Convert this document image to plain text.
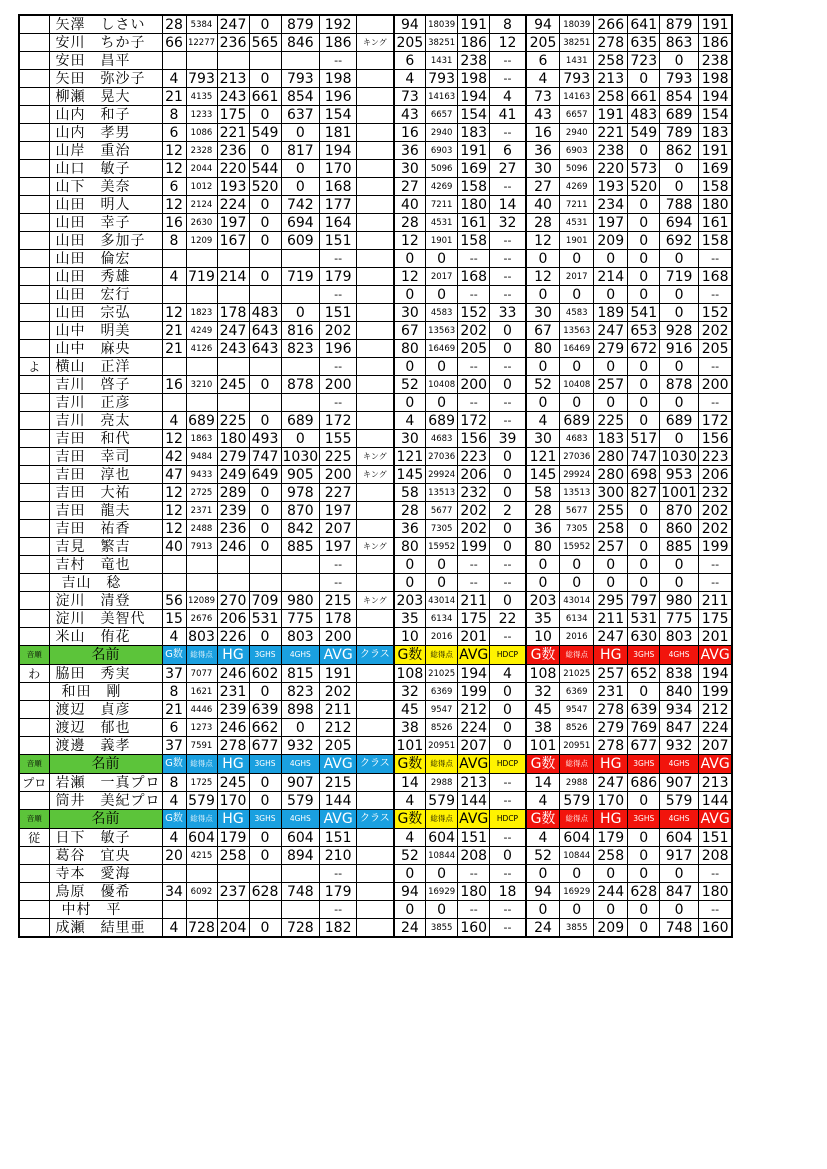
	矢澤　しさい	28	5384	247	0	879	192		94	18039	191	8	94	18039	266	641	879	191
	安川　ちか子	66	12277	236	565	846	186	キング	205	38251	186	12	205	38251	278	635	863	186
	安田　昌平						--		6	1431	238	--	6	1431	258	723	0	238
	矢田　弥沙子	4	793	213	0	793	198		4	793	198	--	4	793	213	0	793	198
	柳瀬　晃大	21	4135	243	661	854	196		73	14163	194	4	73	14163	258	661	854	194
	山内　和子	8	1233	175	0	637	154		43	6657	154	41	43	6657	191	483	689	154
	山内　孝男	6	1086	221	549	0	181		16	2940	183	--	16	2940	221	549	789	183
	山岸　重治	12	2328	236	0	817	194		36	6903	191	6	36	6903	238	0	862	191
	山口　敏子	12	2044	220	544	0	170		30	5096	169	27	30	5096	220	573	0	169
	山下　美奈	6	1012	193	520	0	168		27	4269	158	--	27	4269	193	520	0	158
	山田　明人	12	2124	224	0	742	177		40	7211	180	14	40	7211	234	0	788	180
	山田　幸子	16	2630	197	0	694	164		28	4531	161	32	28	4531	197	0	694	161
	山田　多加子	8	1209	167	0	609	151		12	1901	158	--	12	1901	209	0	692	158
	山田　倫宏						--		0	0	--	--	0	0	0	0	0	--
	山田　秀雄	4	719	214	0	719	179		12	2017	168	--	12	2017	214	0	719	168
	山田　宏行						--		0	0	--	--	0	0	0	0	0	--
	山田　宗弘	12	1823	178	483	0	151		30	4583	152	33	30	4583	189	541	0	152
	山中　明美	21	4249	247	643	816	202		67	13563	202	0	67	13563	247	653	928	202
	山中　麻央	21	4126	243	643	823	196		80	16469	205	0	80	16469	279	672	916	205
よ	横山　正洋						--		0	0	--	--	0	0	0	0	0	--
	吉川　啓子	16	3210	245	0	878	200		52	10408	200	0	52	10408	257	0	878	200
	吉川　正彦						--		0	0	--	--	0	0	0	0	0	--
	吉川　亮太	4	689	225	0	689	172		4	689	172	--	4	689	225	0	689	172
	吉田　和代	12	1863	180	493	0	155		30	4683	156	39	30	4683	183	517	0	156
	吉田　幸司	42	9484	279	747	1030	225	キング	121	27036	223	0	121	27036	280	747	1030	223
	吉田　淳也	47	9433	249	649	905	200	キング	145	29924	206	0	145	29924	280	698	953	206
	吉田　大祐	12	2725	289	0	978	227		58	13513	232	0	58	13513	300	827	1001	232
	吉田　龍夫	12	2371	239	0	870	197		28	5677	202	2	28	5677	255	0	870	202
	吉田　祐香	12	2488	236	0	842	207		36	7305	202	0	36	7305	258	0	860	202
	吉見　繁吉	40	7913	246	0	885	197	キング	80	15952	199	0	80	15952	257	0	885	199
	吉村　竜也						--		0	0	--	--	0	0	0	0	0	--
	吉山　稔						--		0	0	--	--	0	0	0	0	0	--
	淀川　清登	56	12089	270	709	980	215	キング	203	43014	211	0	203	43014	295	797	980	211
	淀川　美智代	15	2676	206	531	775	178		35	6134	175	22	35	6134	211	531	775	175
	米山　侑花	4	803	226	0	803	200		10	2016	201	--	10	2016	247	630	803	201
音順	名前	G数	総得点	HG	3GHS	4GHS	AVG	クラス	G数	総得点	AVG	HDCP	G数	総得点	HG	3GHS	4GHS	AVG
わ	脇田　秀実	37	7077	246	602	815	191		108	21025	194	4	108	21025	257	652	838	194
	和田　剛	8	1621	231	0	823	202		32	6369	199	0	32	6369	231	0	840	199
	渡辺　貞彦	21	4446	239	639	898	211		45	9547	212	0	45	9547	278	639	934	212
	渡辺　郁也	6	1273	246	662	0	212		38	8526	224	0	38	8526	279	769	847	224
	渡邊　義孝	37	7591	278	677	932	205		101	20951	207	0	101	20951	278	677	932	207
音順	名前	G数	総得点	HG	3GHS	4GHS	AVG	クラス	G数	総得点	AVG	HDCP	G数	総得点	HG	3GHS	4GHS	AVG
プロ	岩瀬　一真プロ	8	1725	245	0	907	215		14	2988	213	--	14	2988	247	686	907	213
	筒井　美紀プロ	4	579	170	0	579	144		4	579	144	--	4	579	170	0	579	144
音順	名前	G数	総得点	HG	3GHS	4GHS	AVG	クラス	G数	総得点	AVG	HDCP	G数	総得点	HG	3GHS	4GHS	AVG
従	日下　敏子	4	604	179	0	604	151		4	604	151	--	4	604	179	0	604	151
	葛谷　宜央	20	4215	258	0	894	210		52	10844	208	0	52	10844	258	0	917	208
	寺本　愛海						--		0	0	--	--	0	0	0	0	0	--
	鳥原　優希	34	6092	237	628	748	179		94	16929	180	18	94	16929	244	628	847	180
	中村　平						--		0	0	--	--	0	0	0	0	0	--
	成瀬　結里亜	4	728	204	0	728	182		24	3855	160	--	24	3855	209	0	748	160
